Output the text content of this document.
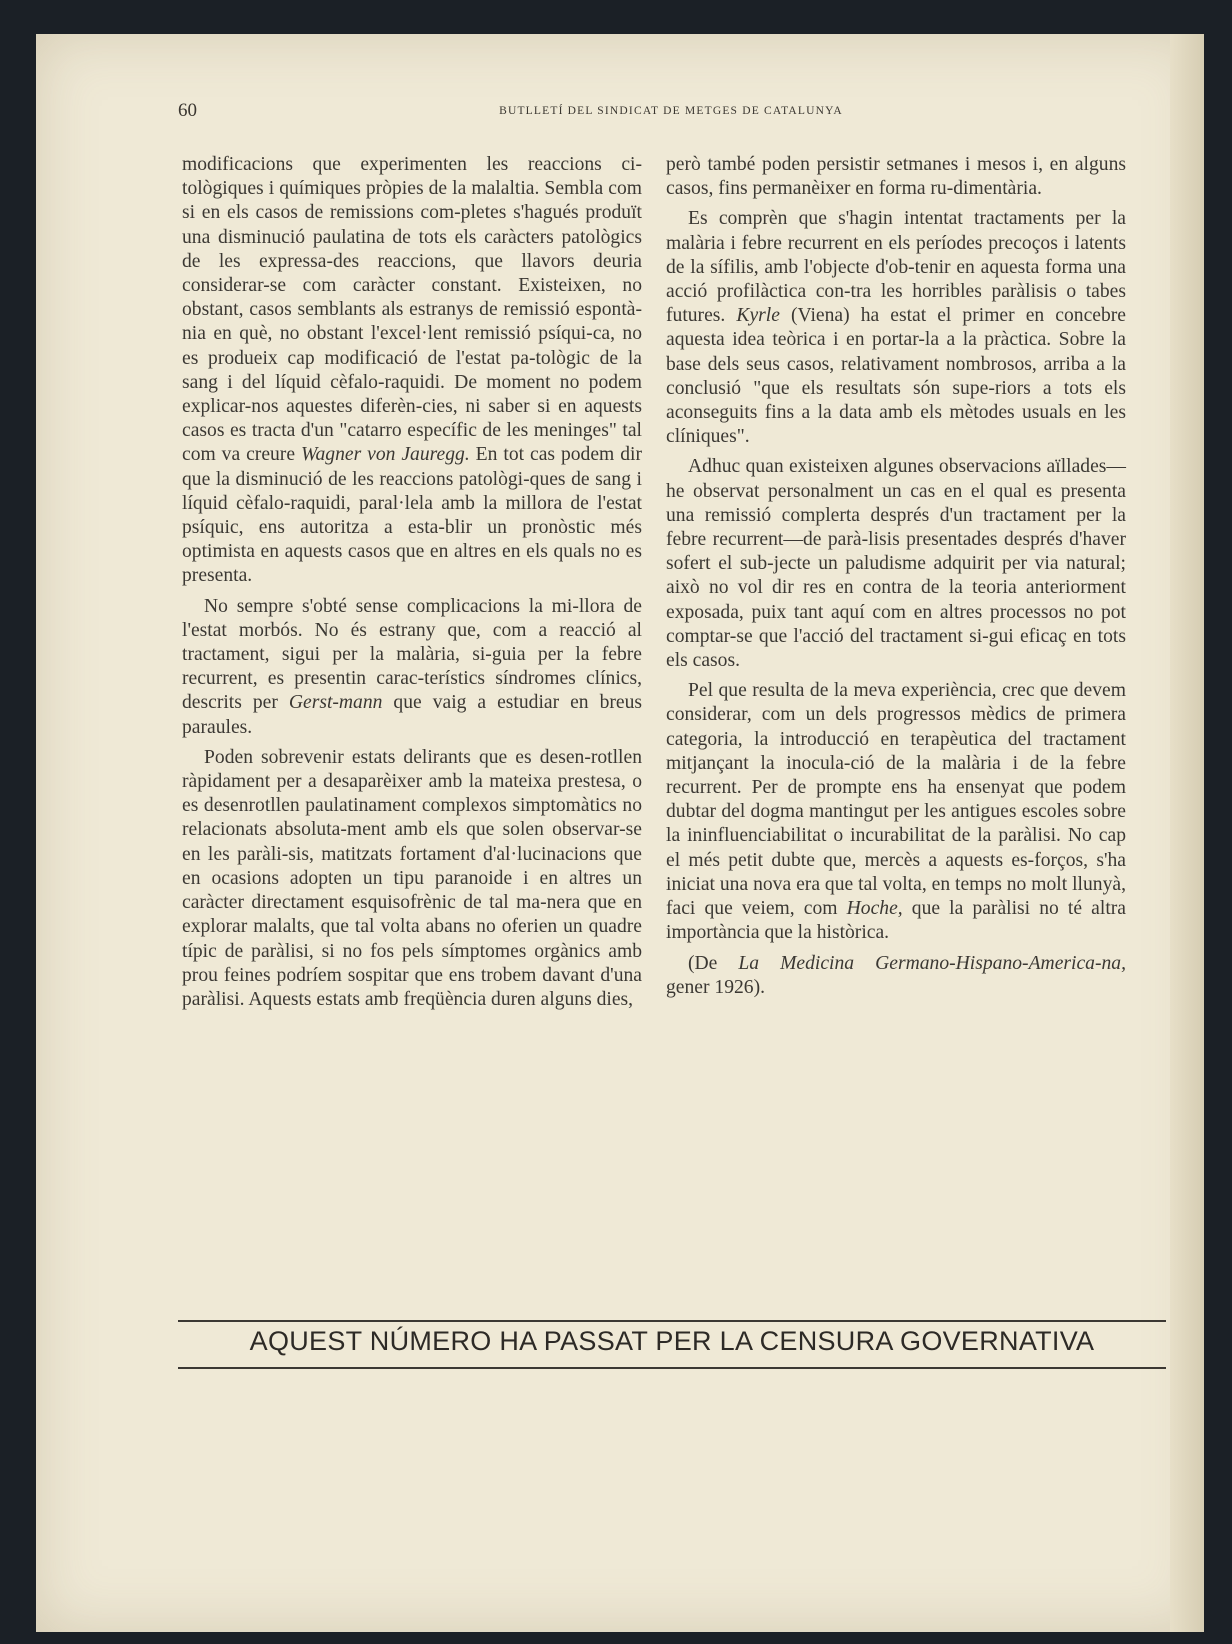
60	BUTLLETÍ DEL SINDICAT DE METGES DE CATALUNYA

modificacions que experimenten les reaccions ci-tològiques i químiques pròpies de la malaltia. Sembla com si en els casos de remissions com-pletes s'hagués produït una disminució paulatina de tots els caràcters patològics de les expressa-des reaccions, que llavors deuria considerar-se com caràcter constant. Existeixen, no obstant, casos semblants als estranys de remissió espontà-nia en què, no obstant l'excel·lent remissió psíqui-ca, no es produeix cap modificació de l'estat pa-tològic de la sang i del líquid cèfalo-raquidi. De moment no podem explicar-nos aquestes diferèn-cies, ni saber si en aquests casos es tracta d'un "catarro específic de les meninges" tal com va creure Wagner von Jauregg. En tot cas podem dir que la disminució de les reaccions patològi-ques de sang i líquid cèfalo-raquidi, paral·lela amb la millora de l'estat psíquic, ens autoritza a esta-blir un pronòstic més optimista en aquests casos que en altres en els quals no es presenta.

No sempre s'obté sense complicacions la mi-llora de l'estat morbós. No és estrany que, com a reacció al tractament, sigui per la malària, si-guia per la febre recurrent, es presentin carac-terístics síndromes clínics, descrits per Gerst-mann que vaig a estudiar en breus paraules.

Poden sobrevenir estats delirants que es desen-rotllen ràpidament per a desaparèixer amb la mateixa prestesa, o es desenrotllen paulatinament complexos simptomàtics no relacionats absoluta-ment amb els que solen observar-se en les paràli-sis, matitzats fortament d'al·lucinacions que en ocasions adopten un tipu paranoide i en altres un caràcter directament esquisofrènic de tal ma-nera que en explorar malalts, que tal volta abans no oferien un quadre típic de paràlisi, si no fos pels símptomes orgànics amb prou feines podríem sospitar que ens trobem davant d'una paràlisi. Aquests estats amb freqüència duren alguns dies,

però també poden persistir setmanes i mesos i, en alguns casos, fins permanèixer en forma ru-dimentària.

Es comprèn que s'hagin intentat tractaments per la malària i febre recurrent en els períodes precoços i latents de la sífilis, amb l'objecte d'ob-tenir en aquesta forma una acció profilàctica con-tra les horribles paràlisis o tabes futures. Kyrle (Viena) ha estat el primer en concebre aquesta idea teòrica i en portar-la a la pràctica. Sobre la base dels seus casos, relativament nombrosos, arriba a la conclusió "que els resultats són supe-riors a tots els aconseguits fins a la data amb els mètodes usuals en les clíniques".

Adhuc quan existeixen algunes observacions aïllades—he observat personalment un cas en el qual es presenta una remissió complerta després d'un tractament per la febre recurrent—de parà-lisis presentades després d'haver sofert el sub-jecte un paludisme adquirit per via natural; això no vol dir res en contra de la teoria anteriorment exposada, puix tant aquí com en altres processos no pot comptar-se que l'acció del tractament si-gui eficaç en tots els casos.

Pel que resulta de la meva experiència, crec que devem considerar, com un dels progressos mèdics de primera categoria, la introducció en terapèutica del tractament mitjançant la inocula-ció de la malària i de la febre recurrent. Per de prompte ens ha ensenyat que podem dubtar del dogma mantingut per les antigues escoles sobre la ininfluenciabilitat o incurabilitat de la paràlisi. No cap el més petit dubte que, mercès a aquests es-forços, s'ha iniciat una nova era que tal volta, en temps no molt llunyà, faci que veiem, com Hoche, que la paràlisi no té altra importància que la històrica.

(De La Medicina Germano-Hispano-America-na, gener 1926).

AQUEST NÚMERO HA PASSAT PER LA CENSURA GOVERNATIVA
